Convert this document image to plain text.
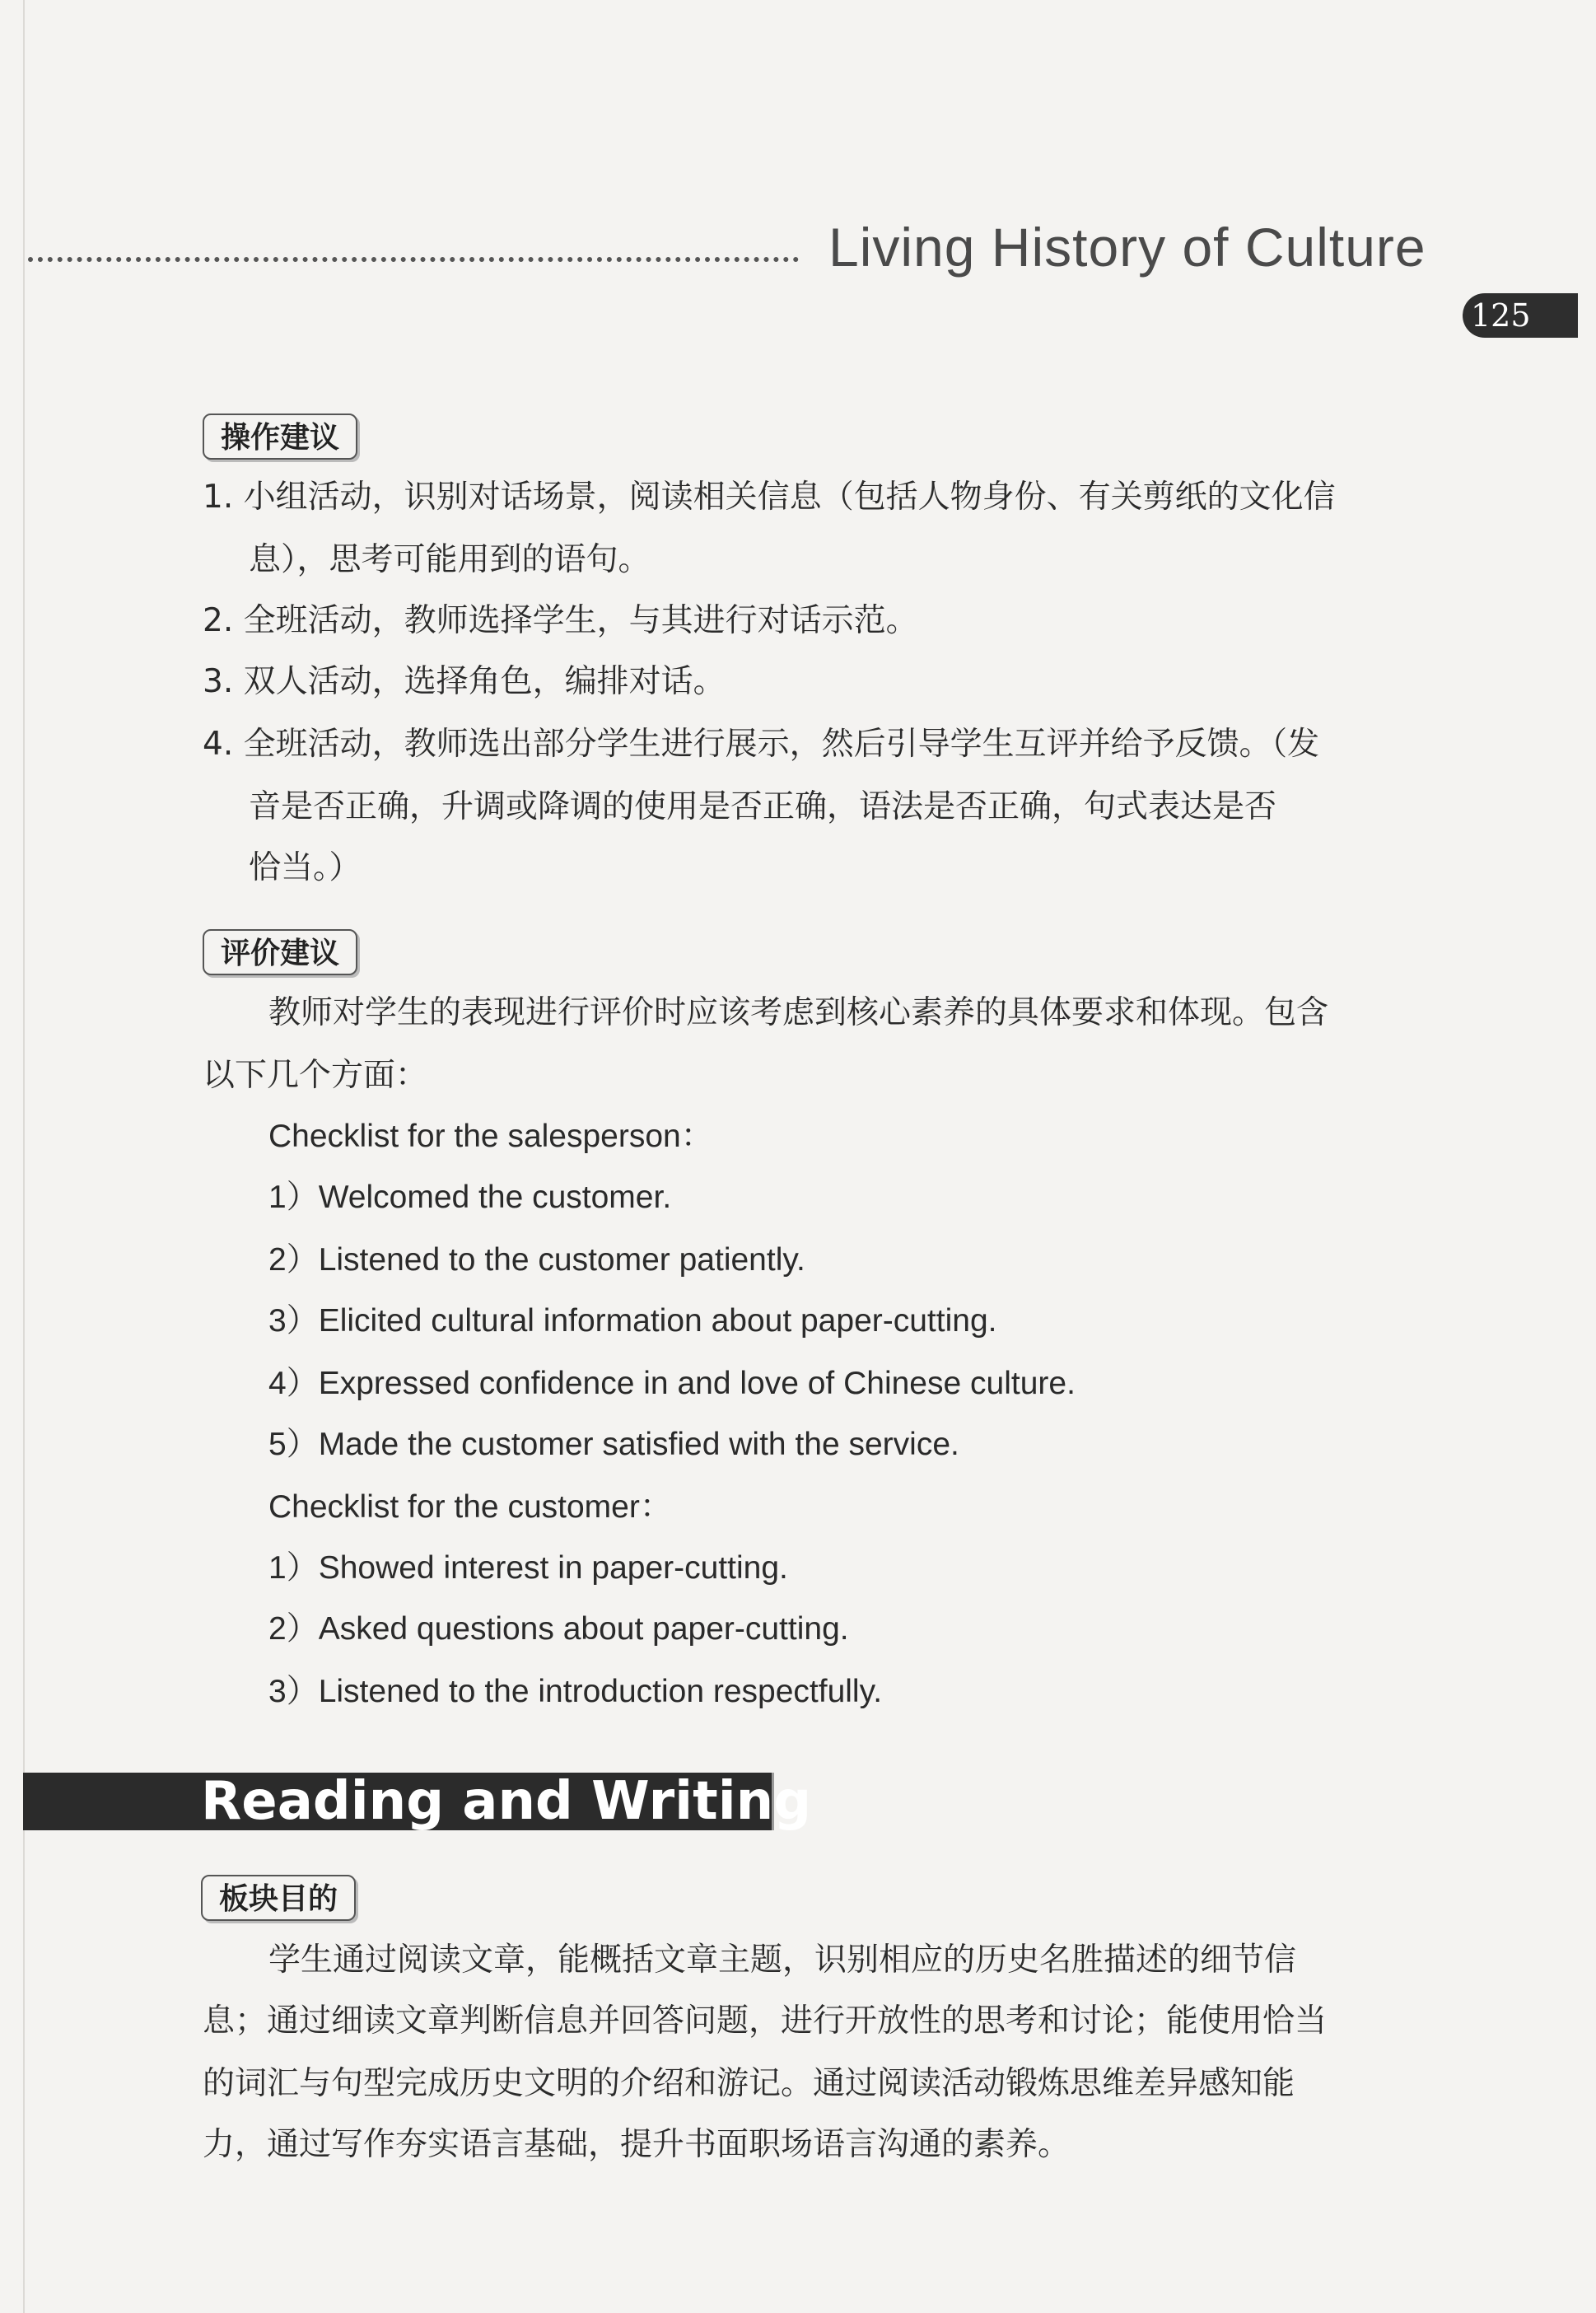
Living History of Culture
125
操作建议
1. 小组活动，识别对话场景，阅读相关信息（包括人物身份、有关剪纸的文化信
息），思考可能用到的语句。
2. 全班活动，教师选择学生，与其进行对话示范。
3. 双人活动，选择角色，编排对话。
4. 全班活动，教师选出部分学生进行展示，然后引导学生互评并给予反馈。（发
音是否正确，升调或降调的使用是否正确，语法是否正确，句式表达是否
恰当。）
评价建议
教师对学生的表现进行评价时应该考虑到核心素养的具体要求和体现。包含
以下几个方面：
Checklist for the salesperson：
1）Welcomed the customer.
2）Listened to the customer patiently.
3）Elicited cultural information about paper-cutting.
4）Expressed confidence in and love of Chinese culture.
5）Made the customer satisfied with the service.
Checklist for the customer：
1）Showed interest in paper-cutting.
2）Asked questions about paper-cutting.
3）Listened to the introduction respectfully.
Reading and Writing
板块目的
学生通过阅读文章，能概括文章主题，识别相应的历史名胜描述的细节信
息；通过细读文章判断信息并回答问题，进行开放性的思考和讨论；能使用恰当
的词汇与句型完成历史文明的介绍和游记。通过阅读活动锻炼思维差异感知能
力，通过写作夯实语言基础，提升书面职场语言沟通的素养。
